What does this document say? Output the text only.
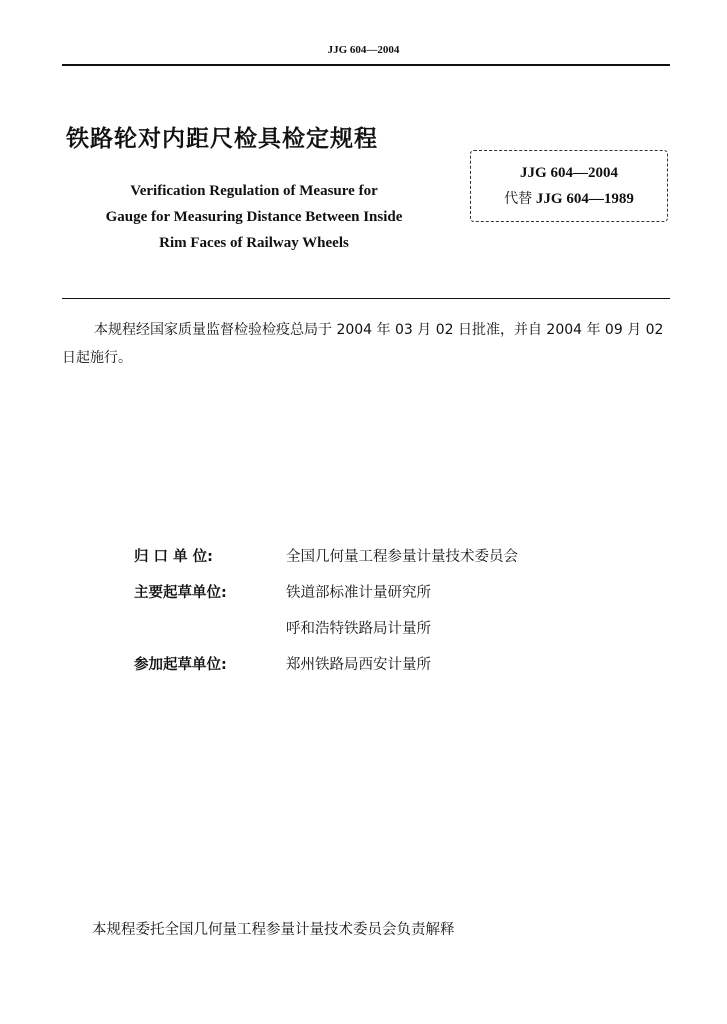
JJG 604—2004
铁路轮对内距尺检具检定规程
Verification Regulation of Measure for
Gauge for Measuring Distance Between Inside
Rim Faces of Railway Wheels
JJG 604—2004
代替 JJG 604—1989
本规程经国家质量监督检验检疫总局于 2004 年 03 月 02 日批准，并自 2004 年 09 月 02 日起施行。
归 口 单 位:	全国几何量工程参量计量技术委员会
主要起草单位:	铁道部标准计量研究所
呼和浩特铁路局计量所
参加起草单位:	郑州铁路局西安计量所
本规程委托全国几何量工程参量计量技术委员会负责解释
